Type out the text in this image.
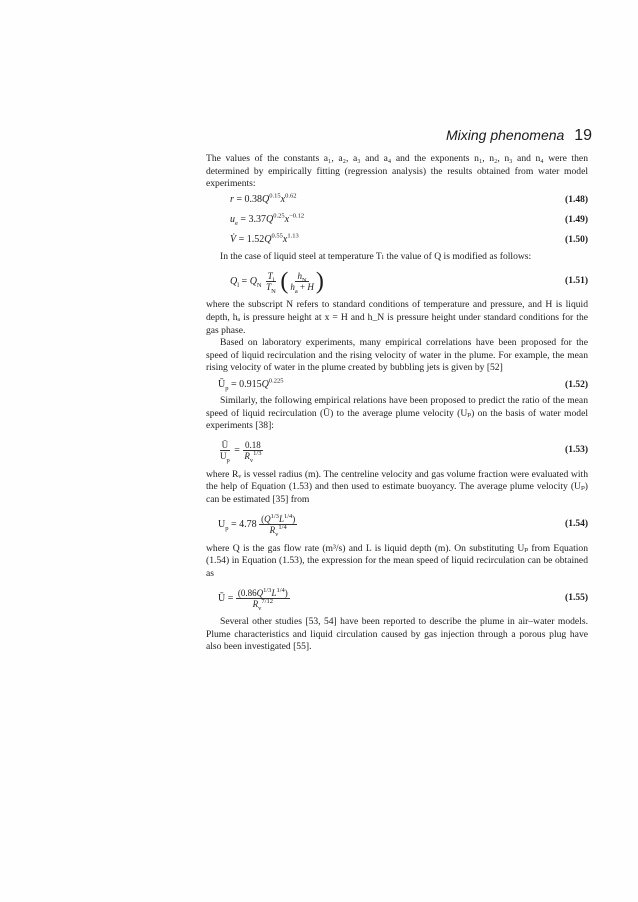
Mixing phenomena 19

The values of the constants a₁, a₂, a₃ and a₄ and the exponents n₁, n₂, n₃ and n₄ were then determined by empirically fitting (regression analysis) the results obtained from water model experiments:

$r = 0.38Q^{0.15}x^{0.62}$	(1.48)
$u_e = 3.37Q^{0.25}x^{-0.12}$	(1.49)
V̇ = $1.52Q^{0.55}x^{1.13}$	(1.50)

In the case of liquid steel at temperature Tₗ the value of Q is modified as follows:

$Q_l = Q_N \frac{T_l}{T_N}$ ( $\frac{h_N}{h_a + H}$ )	(1.51)

where the subscript N refers to standard conditions of temperature and pressure, and H is liquid depth, hₐ is pressure height at x = H and h_N is pressure height under standard conditions for the gas phase.

Based on laboratory experiments, many empirical correlations have been proposed for the speed of liquid recirculation and the rising velocity of water in the plume. For example, the mean rising velocity of water in the plume created by bubbling jets is given by [52]

$Ū_p = 0.915Q^{0.225}$	(1.52)

Similarly, the following empirical relations have been proposed to predict the ratio of the mean speed of liquid recirculation (Ū) to the average plume velocity (Uₚ) on the basis of water model experiments [38]:

$\frac{Ū}{U_p} = \frac{0.18}{R_v^{1/3}}$	(1.53)

where Rᵥ is vessel radius (m). The centreline velocity and gas volume fraction were evaluated with the help of Equation (1.53) and then used to estimate buoyancy. The average plume velocity (Uₚ) can be estimated [35] from

$U_p = 4.78 \frac{(Q^{1/3}L^{1/4})}{R_v^{1/4}}$	(1.54)

where Q is the gas flow rate (m³/s) and L is liquid depth (m). On substituting Uₚ from Equation (1.54) in Equation (1.53), the expression for the mean speed of liquid recirculation can be obtained as

Ū = $\frac{(0.86Q^{1/3}L^{1/4})}{R_v^{7/12}}$	(1.55)

Several other studies [53, 54] have been reported to describe the plume in air–water models. Plume characteristics and liquid circulation caused by gas injection through a porous plug have also been investigated [55].
